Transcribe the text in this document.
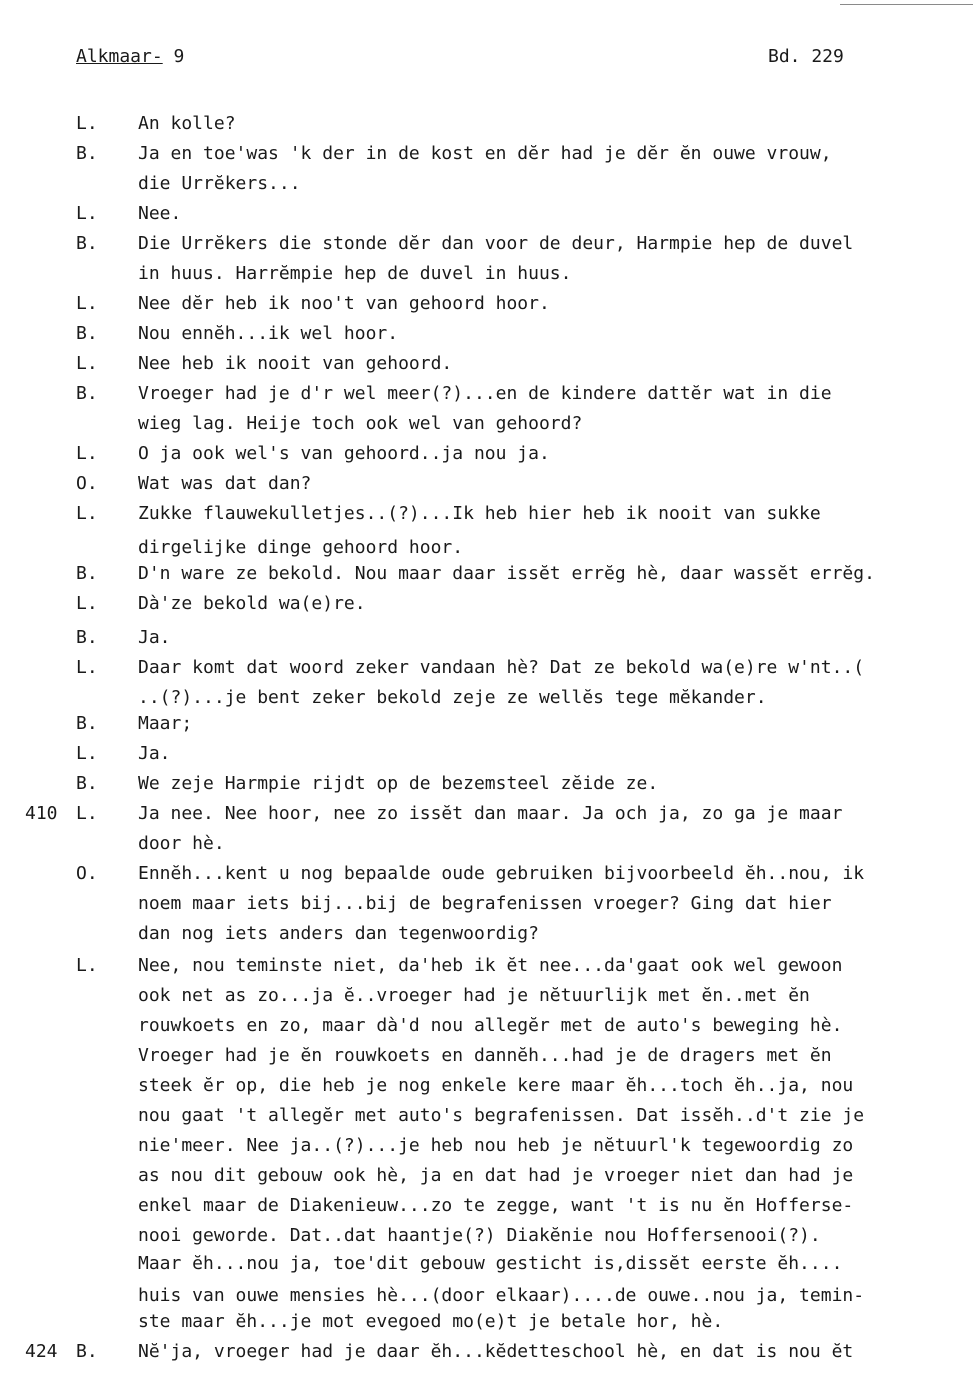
Alkmaar- 9	Bd. 229
L.	An kolle?
B.	Ja en toe'was 'k der in de kost en dĕr had je dĕr ĕn ouwe vrouw,
die Urrĕkers...
L.	Nee.
B.	Die Urrĕkers die stonde dĕr dan voor de deur, Harmpie hep de duvel
in huus. Harrĕmpie hep de duvel in huus.
L.	Nee dĕr heb ik noo't van gehoord hoor.
B.	Nou ennĕh...ik wel hoor.
L.	Nee heb ik nooit van gehoord.
B.	Vroeger had je d'r wel meer(?)...en de kindere dattĕr wat in die
wieg lag. Heije toch ook wel van gehoord?
L.	O ja ook wel's van gehoord..ja nou ja.
O.	Wat was dat dan?
L.	Zukke flauwekulletjes..(?)...Ik heb hier heb ik nooit van sukke
dirgelijke dinge gehoord hoor.
B.	D'n ware ze bekold. Nou maar daar issĕt errĕg hè, daar wassĕt errĕg.
L.	Dà'ze bekold wa(e)re.
B.	Ja.
L.	Daar komt dat woord zeker vandaan hè? Dat ze bekold wa(e)re w'nt..(
..(?)...je bent zeker bekold zeje ze wellĕs tege mĕkander.
B.	Maar;
L.	Ja.
B.	We zeje Harmpie rijdt op de bezemsteel zĕide ze.
410	L.	Ja nee. Nee hoor, nee zo issĕt dan maar. Ja och ja, zo ga je maar
door hè.
O.	Ennĕh...kent u nog bepaalde oude gebruiken bijvoorbeeld ĕh..nou, ik
noem maar iets bij...bij de begrafenissen vroeger? Ging dat hier
dan nog iets anders dan tegenwoordig?
L.	Nee, nou teminste niet, da'heb ik ĕt nee...da'gaat ook wel gewoon
ook net as zo...ja ĕ..vroeger had je nĕtuurlijk met ĕn..met ĕn
rouwkoets en zo, maar dà'd nou allegĕr met de auto's beweging hè.
Vroeger had je ĕn rouwkoets en dannĕh...had je de dragers met ĕn
steek ĕr op, die heb je nog enkele kere maar ĕh...toch ĕh..ja, nou
nou gaat 't allegĕr met auto's begrafenissen. Dat issĕh..d't zie je
nie'meer. Nee ja..(?)...je heb nou heb je nĕtuurl'k tegewoordig zo
as nou dit gebouw ook hè, ja en dat had je vroeger niet dan had je
enkel maar de Diakenieuw...zo te zegge, want 't is nu ĕn Hofferse-
nooi geworde. Dat..dat haantje(?) Diakĕnie nou Hoffersenooi(?).
Maar ĕh...nou ja, toe'dit gebouw gesticht is,dissĕt eerste ĕh....
huis van ouwe mensies hè...(door elkaar)....de ouwe..nou ja, temin-
ste maar ĕh...je mot evegoed mo(e)t je betale hor, hè.
424	B.	Nĕ'ja, vroeger had je daar ĕh...kĕdetteschool hè, en dat is nou ĕt
